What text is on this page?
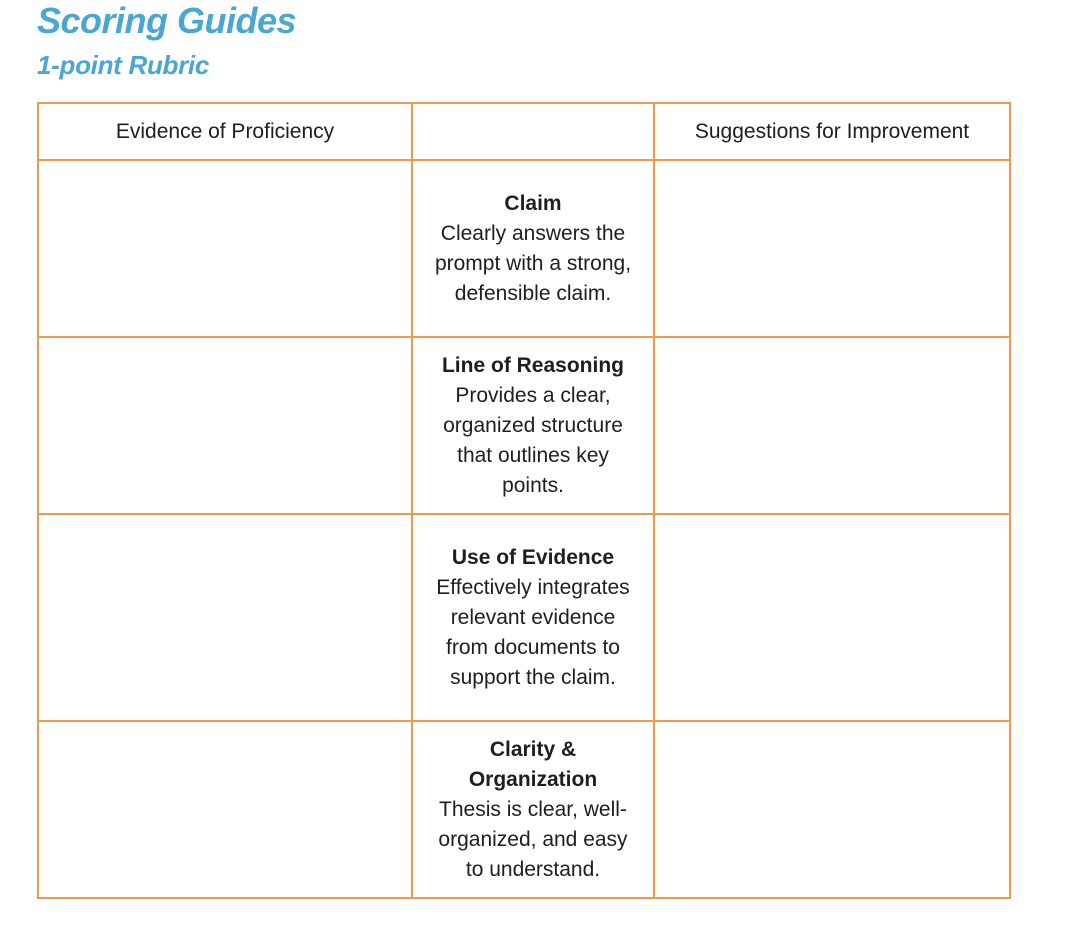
Scoring Guides
1-point Rubric
Evidence of Proficiency		Suggestions for Improvement

	Claim
Clearly answers the prompt with a strong, defensible claim.	

	Line of Reasoning
Provides a clear, organized structure that outlines key points.	

	Use of Evidence
Effectively integrates relevant evidence from documents to support the claim.	

	Clarity & Organization
Thesis is clear, well-organized, and easy to understand.	
